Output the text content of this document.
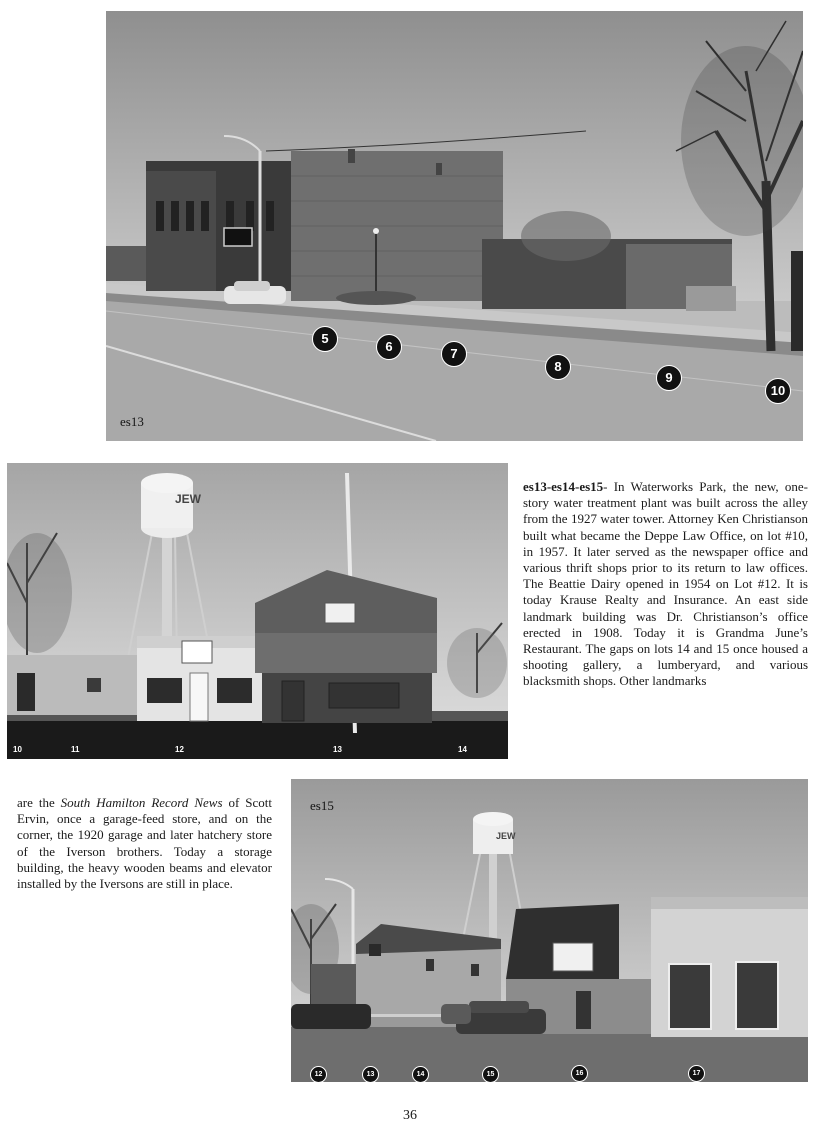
es13
5
6	7
8
9
10
JEW
10	11	12	13	14
es13-es14-es15- In Waterworks Park, the new, one-story water treatment plant was built across the alley from the 1927 water tower. Attorney Ken Christianson built what became the Deppe Law Office, on lot #10, in 1957. It later served as the newspaper office and various thrift shops prior to its return to law offices. The Beattie Dairy opened in 1954 on Lot #12. It is today Krause Realty and Insurance. An east side landmark building was Dr. Christianson’s office erected in 1908. Today it is Grandma June’s Restaurant. The gaps on lots 14 and 15 once housed a shooting gallery, a lumberyard, and various blacksmith shops. Other landmarks
are the South Hamilton Record News of Scott Ervin, once a garage-feed store, and on the corner, the 1920 garage and later hatchery store of the Iverson brothers. Today a storage building, the heavy wooden beams and elevator installed by the Iversons are still in place.
JEW
es15
12	13	14	15	16	17
36
